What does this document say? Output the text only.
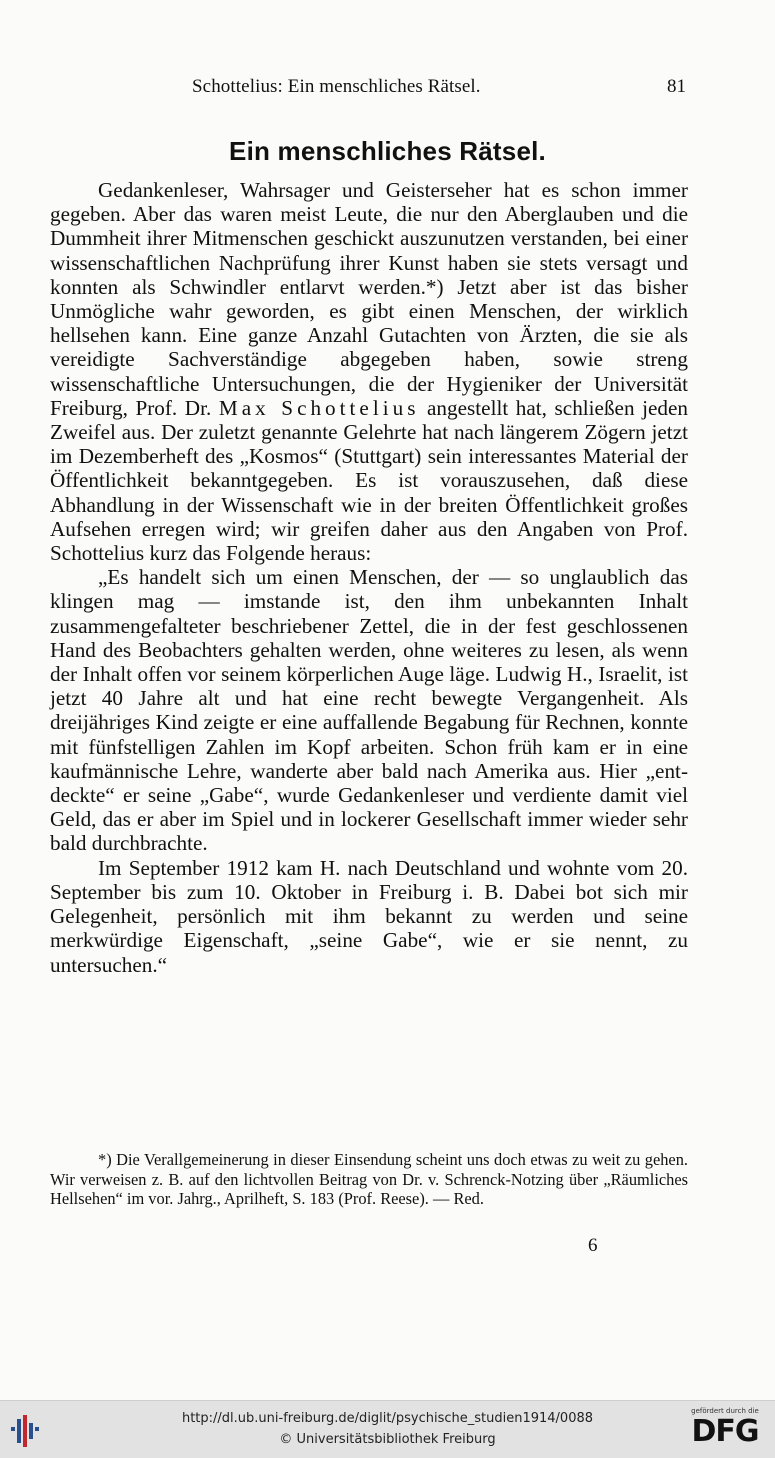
Schottelius: Ein menschliches Rätsel.	81
Ein menschliches Rätsel.

Gedankenleser, Wahrsager und Geisterseher hat es schon immer gegeben. Aber das waren meist Leute, die nur den Aberglauben und die Dummheit ihrer Mitmenschen geschickt auszunutzen verstanden, bei einer wissenschaftlichen Nachprüfung ihrer Kunst haben sie stets versagt und konnten als Schwindler entlarvt werden.*) Jetzt aber ist das bisher Unmögliche wahr geworden, es gibt einen Menschen, der wirklich hellsehen kann. Eine ganze Anzahl Gutachten von Ärzten, die sie als vereidigte Sachverständige abgegeben haben, sowie streng wissenschaftliche Untersuchungen, die der Hygieniker der Universität Freiburg, Prof. Dr. Max Schottelius angestellt hat, schließen jeden Zweifel aus. Der zuletzt genannte Gelehrte hat nach längerem Zögern jetzt im Dezemberheft des „Kosmos“ (Stuttgart) sein interessantes Material der Öffentlichkeit bekanntgegeben. Es ist vorauszusehen, daß diese Abhandlung in der Wissenschaft wie in der breiten Öffentlichkeit großes Aufsehen erregen wird; wir greifen daher aus den Angaben von Prof. Schottelius kurz das Folgende heraus:

„Es handelt sich um einen Menschen, der — so unglaublich das klingen mag — imstande ist, den ihm unbekannten Inhalt zusammengefalteter beschriebener Zettel, die in der fest geschlossenen Hand des Beobachters gehalten werden, ohne weiteres zu lesen, als wenn der Inhalt offen vor seinem körperlichen Auge läge. Ludwig H., Israelit, ist jetzt 40 Jahre alt und hat eine recht bewegte Vergangenheit. Als dreijähriges Kind zeigte er eine auffallende Begabung für Rechnen, konnte mit fünfstelligen Zahlen im Kopf arbeiten. Schon früh kam er in eine kaufmännische Lehre, wanderte aber bald nach Amerika aus. Hier „entdeckte“ er seine „Gabe“, wurde Gedankenleser und verdiente damit viel Geld, das er aber im Spiel und in lockerer Gesellschaft immer wieder sehr bald durchbrachte.

Im September 1912 kam H. nach Deutschland und wohnte vom 20. September bis zum 10. Oktober in Freiburg i. B. Dabei bot sich mir Gelegenheit, persönlich mit ihm bekannt zu werden und seine merkwürdige Eigenschaft, „seine Gabe“, wie er sie nennt, zu untersuchen.“

*) Die Verallgemeinerung in dieser Einsendung scheint uns doch etwas zu weit zu gehen. Wir verweisen z. B. auf den lichtvollen Beitrag von Dr. v. Schrenck-Notzing über „Räumliches Hellsehen“ im vor. Jahrg., Aprilheft, S. 183 (Prof. Reese). — Red.

6
http://dl.ub.uni-freiburg.de/diglit/psychische_studien1914/0088
© Universitätsbibliothek Freiburg
gefördert durch die
DFG
